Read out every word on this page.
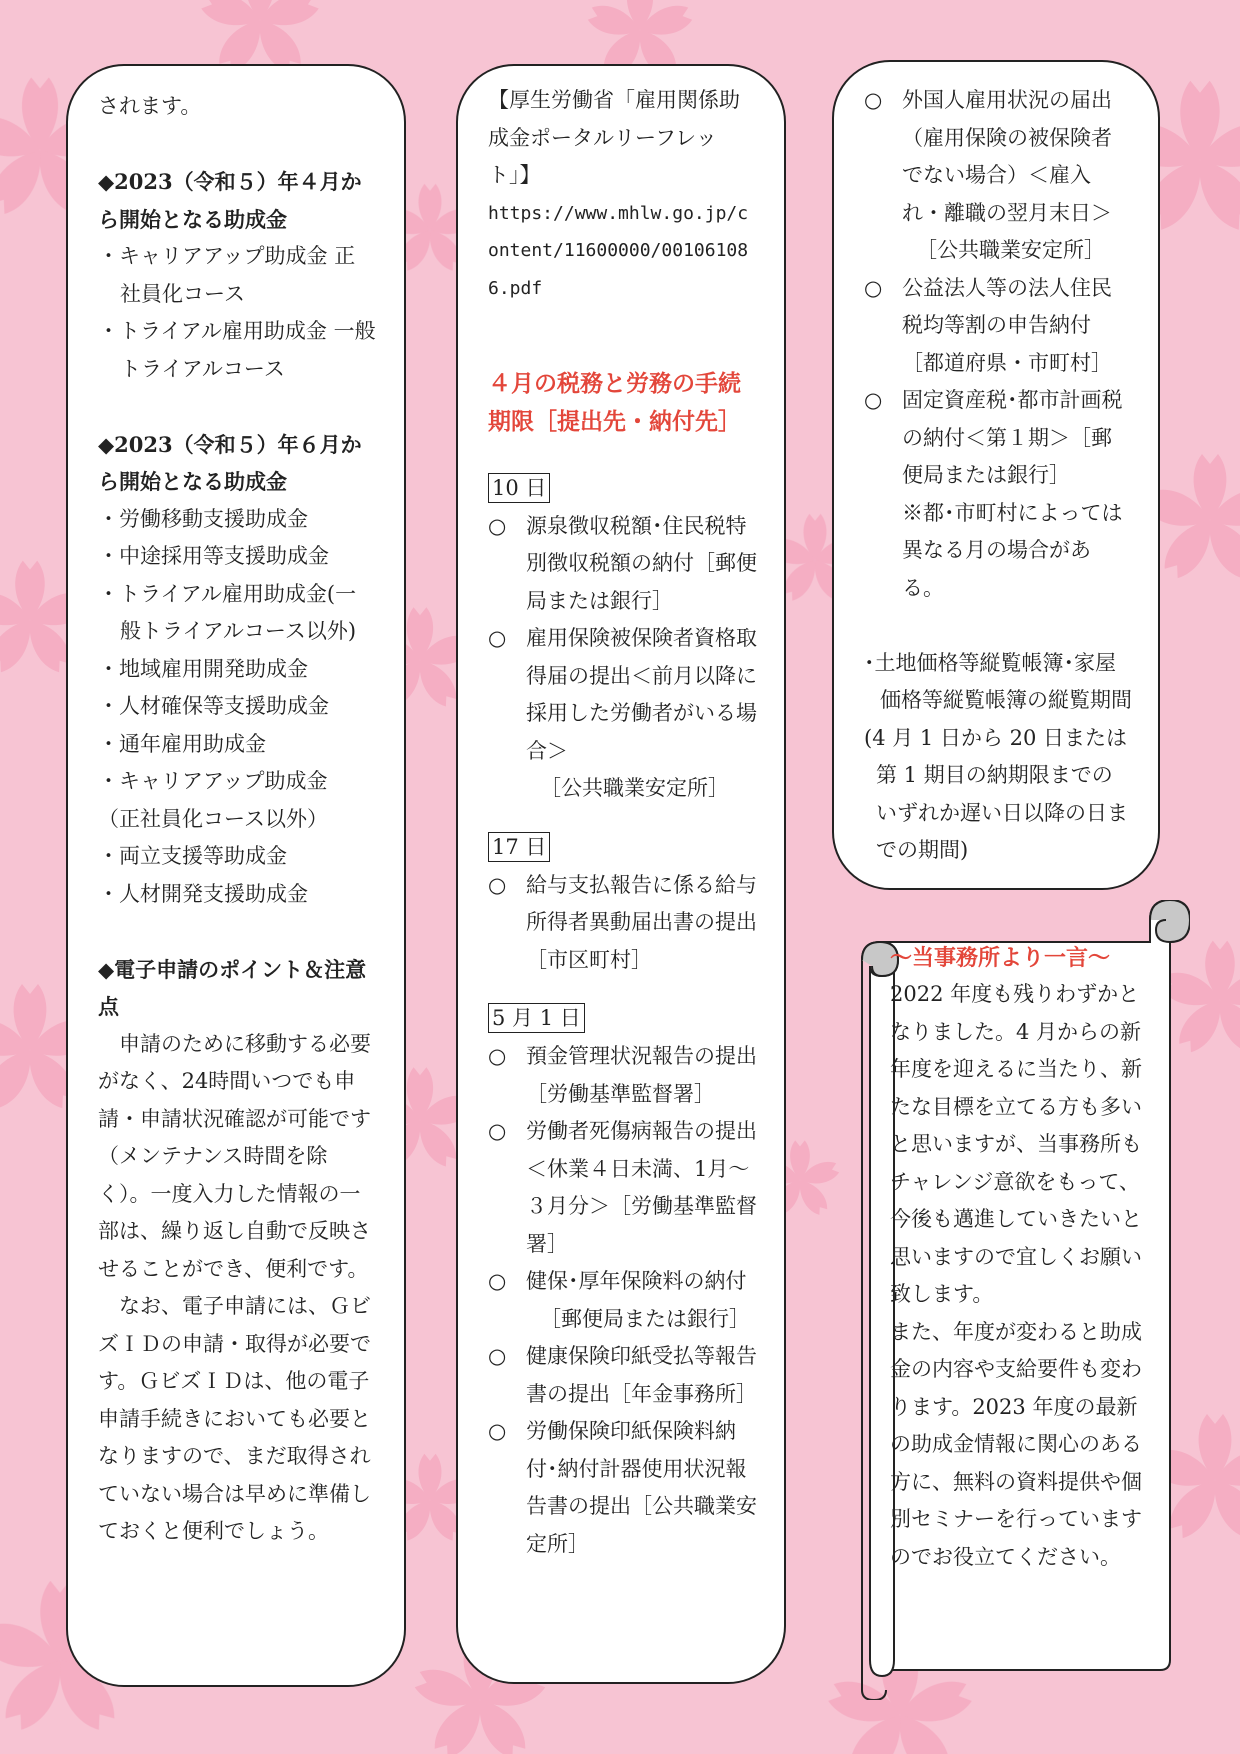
されます。

◆2023（令和５）年４月から開始となる助成金

・キャリアアップ助成金 正社員化コース

・トライアル雇用助成金 一般トライアルコース

◆2023（令和５）年６月から開始となる助成金

・労働移動支援助成金

・中途採用等支援助成金

・トライアル雇用助成金(一般トライアルコース以外)

・地域雇用開発助成金

・人材確保等支援助成金

・通年雇用助成金

・キャリアアップ助成金

（正社員化コース以外）

・両立支援等助成金

・人材開発支援助成金

◆電子申請のポイント＆注意点

申請のために移動する必要がなく、24時間いつでも申請・申請状況確認が可能です（メンテナンス時間を除く）。一度入力した情報の一部は、繰り返し自動で反映させることができ、便利です。

なお、電子申請には、ＧビズＩＤの申請・取得が必要です。ＧビズＩＤは、他の電子申請手続きにおいても必要となりますので、まだ取得されていない場合は早めに準備しておくと便利でしょう。

【厚生労働省「雇用関係助成金ポータルリーフレット」】

https://www.mhlw.go.jp/content/11600000/001061086.pdf

４月の税務と労務の手続期限［提出先・納付先］

10 日

○ 源泉徴収税額･住民税特別徴収税額の納付［郵便局または銀行］

○ 雇用保険被保険者資格取得届の提出＜前月以降に採用した労働者がいる場合＞
［公共職業安定所］

17 日

○ 給与支払報告に係る給与所得者異動届出書の提出［市区町村］

5 月 1 日

○ 預金管理状況報告の提出［労働基準監督署］

○ 労働者死傷病報告の提出＜休業４日未満、1月～３月分＞［労働基準監督署］

○ 健保･厚年保険料の納付
［郵便局または銀行］

○ 健康保険印紙受払等報告書の提出［年金事務所］

○ 労働保険印紙保険料納付･納付計器使用状況報告書の提出［公共職業安定所］

○ 外国人雇用状況の届出（雇用保険の被保険者でない場合）＜雇入れ・離職の翌月末日＞
［公共職業安定所］

○ 公益法人等の法人住民税均等割の申告納付［都道府県・市町村］

○ 固定資産税･都市計画税の納付＜第１期＞［郵便局または銀行］
※都･市町村によっては異なる月の場合がある。

･土地価格等縦覧帳簿･家屋価格等縦覧帳簿の縦覧期間

(4 月 1 日から 20 日または第 1 期目の納期限までのいずれか遅い日以降の日までの期間)

～当事務所より一言～

2022 年度も残りわずかとなりました。4 月からの新年度を迎えるに当たり、新たな目標を立てる方も多いと思いますが、当事務所もチャレンジ意欲をもって、今後も邁進していきたいと思いますので宜しくお願い致します。

また、年度が変わると助成金の内容や支給要件も変わります。2023 年度の最新の助成金情報に関心のある方に、無料の資料提供や個別セミナーを行っていますのでお役立てください。
